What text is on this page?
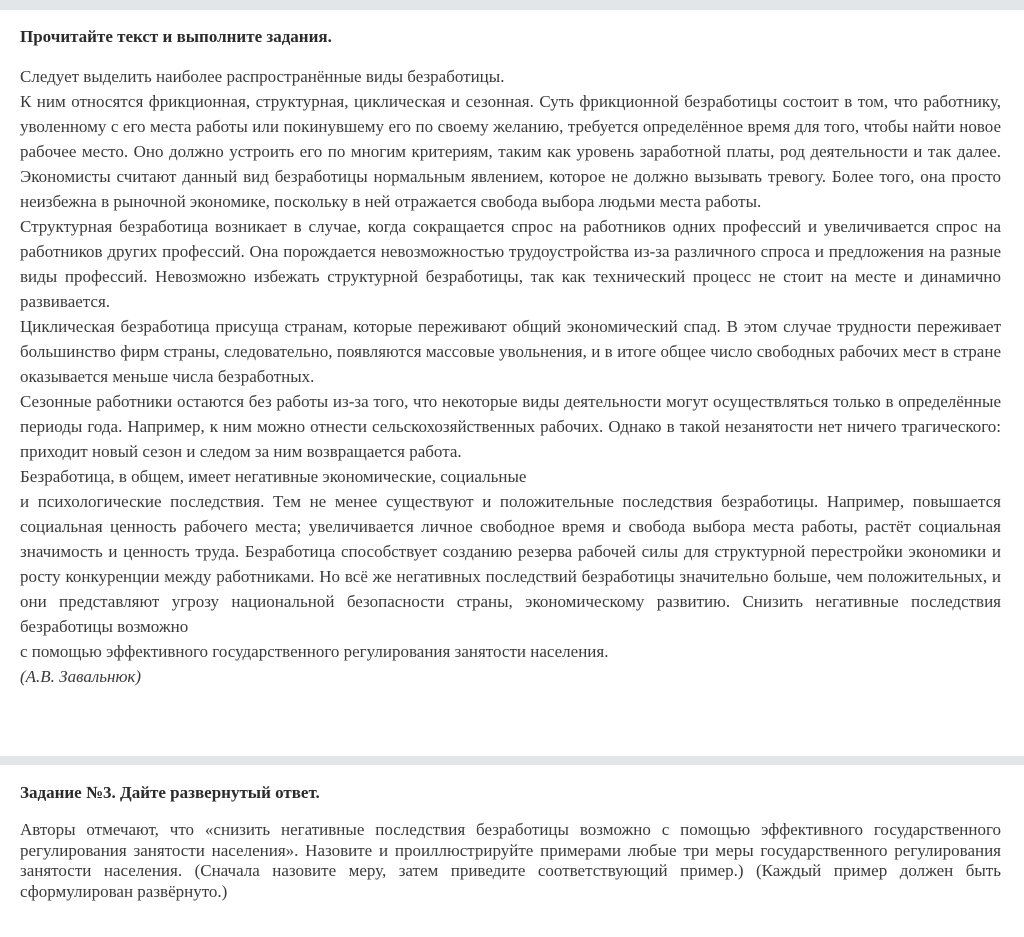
Прочитайте текст и выполните задания.

Следует выделить наиболее распространённые виды безработицы.

К ним относятся фрикционная, структурная, циклическая и сезонная. Суть фрикционной безработицы состоит в том, что работнику, уволенному с его места работы или покинувшему его по своему желанию, требуется определённое время для того, чтобы найти новое рабочее место. Оно должно устроить его по многим критериям, таким как уровень заработной платы, род деятельности и так далее. Экономисты считают данный вид безработицы нормальным явлением, которое не должно вызывать тревогу. Более того, она просто неизбежна в рыночной экономике, поскольку в ней отражается свобода выбора людьми места работы.

Структурная безработица возникает в случае, когда сокращается спрос на работников одних профессий и увеличивается спрос на работников других профессий. Она порождается невозможностью трудоустройства из-за различного спроса и предложения на разные виды профессий. Невозможно избежать структурной безработицы, так как технический процесс не стоит на месте и динамично развивается.

Циклическая безработица присуща странам, которые переживают общий экономический спад. В этом случае трудности переживает большинство фирм страны, следовательно, появляются массовые увольнения, и в итоге общее число свободных рабочих мест в стране оказывается меньше числа безработных.

Сезонные работники остаются без работы из-за того, что некоторые виды деятельности могут осуществляться только в определённые периоды года. Например, к ним можно отнести сельскохозяйственных рабочих. Однако в такой незанятости нет ничего трагического: приходит новый сезон и следом за ним возвращается работа.

Безработица, в общем, имеет негативные экономические, социальные

и психологические последствия. Тем не менее существуют и положительные последствия безработицы. Например, повышается социальная ценность рабочего места; увеличивается личное свободное время и свобода выбора места работы, растёт социальная значимость и ценность труда. Безработица способствует созданию резерва рабочей силы для структурной перестройки экономики и росту конкуренции между работниками. Но всё же негативных последствий безработицы значительно больше, чем положительных, и они представляют угрозу национальной безопасности страны, экономическому развитию. Снизить негативные последствия безработицы возможно

с помощью эффективного государственного регулирования занятости населения.

(А.В. Завальнюк)

Задание №3. Дайте развернутый ответ.

Авторы отмечают, что «снизить негативные последствия безработицы возможно с помощью эффективного государственного регулирования занятости населения». Назовите и проиллюстрируйте примерами любые три меры государственного регулирования занятости населения. (Сначала назовите меру, затем приведите соответствующий пример.) (Каждый пример должен быть сформулирован развёрнуто.)
